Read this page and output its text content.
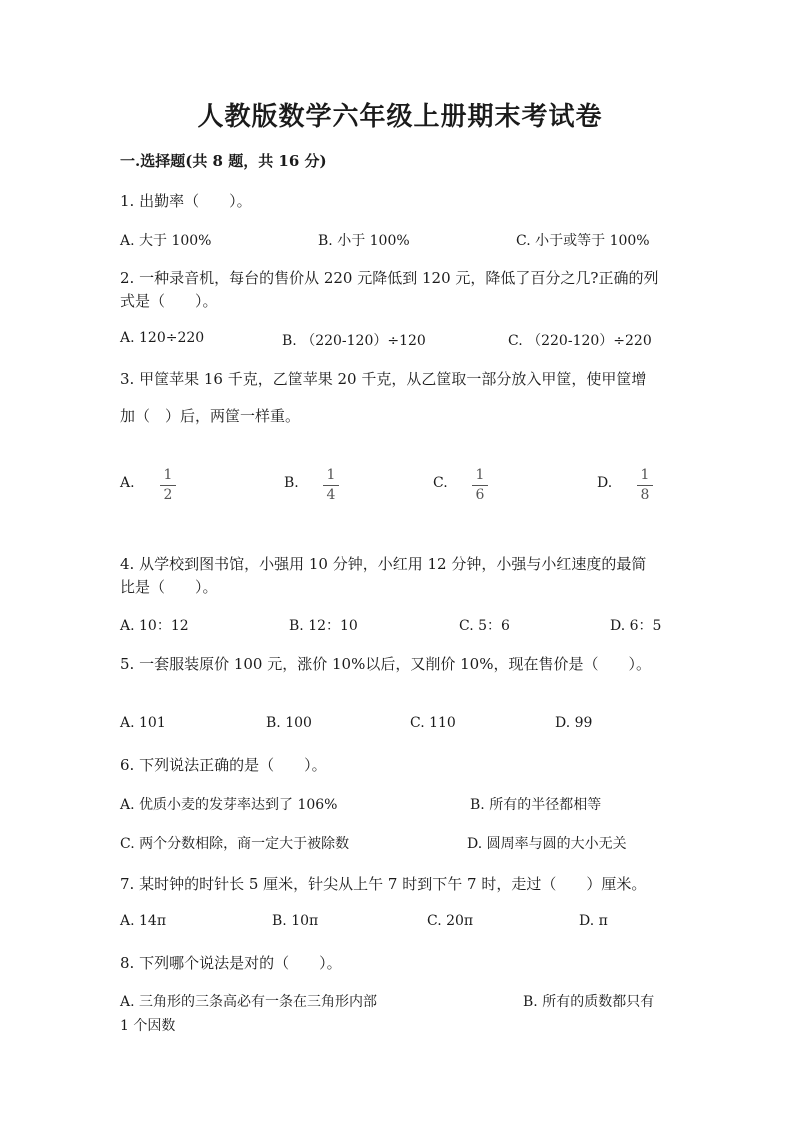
人教版数学六年级上册期末考试卷
一.选择题(共 8 题，共 16 分)
1. 出勤率（　　）。
A. 大于 100%	B. 小于 100%	C. 小于或等于 100%
2. 一种录音机，每台的售价从 220 元降低到 120 元，降低了百分之几?正确的列
式是（　　）。
A. 120÷220	B. （220-120）÷120	C. （220-120）÷220
3. 甲筐苹果 16 千克，乙筐苹果 20 千克，从乙筐取一部分放入甲筐，使甲筐增
加（　）后，两筐一样重。
A. 1
2
B. 1
4
C. 1
6
D. 1
8
4. 从学校到图书馆，小强用 10 分钟，小红用 12 分钟，小强与小红速度的最简
比是（　　）。
A. 10：12	B. 12：10	C. 5：6	D. 6：5
5. 一套服装原价 100 元，涨价 10%以后，又削价 10%，现在售价是（　　）。
A. 101	B. 100	C. 110	D. 99
6. 下列说法正确的是（　　）。
A. 优质小麦的发芽率达到了 106%	B. 所有的半径都相等
C. 两个分数相除，商一定大于被除数	D. 圆周率与圆的大小无关
7. 某时钟的时针长 5 厘米，针尖从上午 7 时到下午 7 时，走过（　　）厘米。
A. 14π	B. 10π	C. 20π	D. π
8. 下列哪个说法是对的（　　）。
A. 三角形的三条高必有一条在三角形内部	B. 所有的质数都只有
1 个因数
